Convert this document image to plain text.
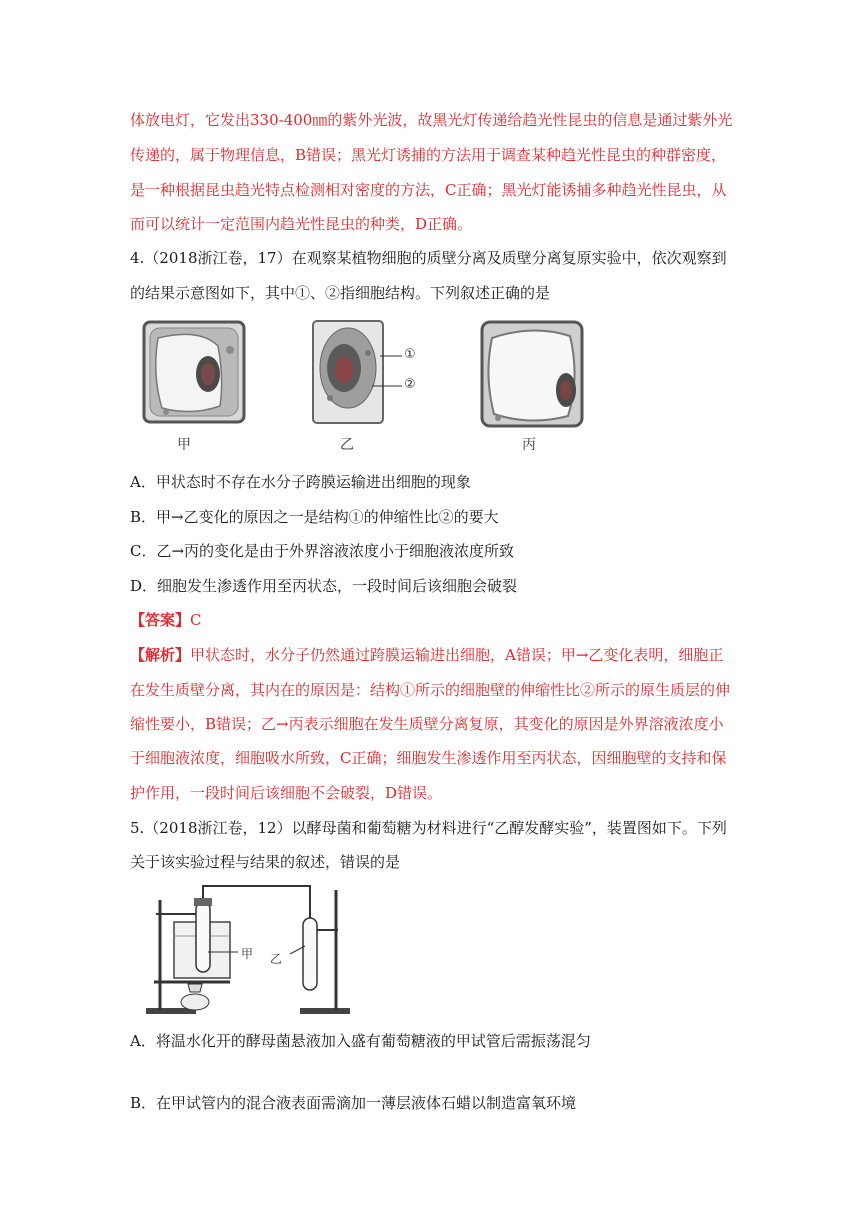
体放电灯，它发出330-400㎚的紫外光波，故黑光灯传递给趋光性昆虫的信息是通过紫外光
传递的，属于物理信息，B错误；黑光灯诱捕的方法用于调查某种趋光性昆虫的种群密度，
是一种根据昆虫趋光特点检测相对密度的方法，C正确；黑光灯能诱捕多种趋光性昆虫，从
而可以统计一定范围内趋光性昆虫的种类，D正确。
4.（2018浙江卷，17）在观察某植物细胞的质壁分离及质壁分离复原实验中，依次观察到
的结果示意图如下，其中①、②指细胞结构。下列叙述正确的是
甲
①
②
乙	丙
A．甲状态时不存在水分子跨膜运输进出细胞的现象
B．甲→乙变化的原因之一是结构①的伸缩性比②的要大
C．乙→丙的变化是由于外界溶液浓度小于细胞液浓度所致
D．细胞发生渗透作用至丙状态，一段时间后该细胞会破裂
【答案】C
【解析】甲状态时，水分子仍然通过跨膜运输进出细胞，A错误；甲→乙变化表明，细胞正
在发生质壁分离，其内在的原因是：结构①所示的细胞壁的伸缩性比②所示的原生质层的伸
缩性要小，B错误；乙→丙表示细胞在发生质壁分离复原，其变化的原因是外界溶液浓度小
于细胞液浓度，细胞吸水所致，C正确；细胞发生渗透作用至丙状态，因细胞壁的支持和保
护作用，一段时间后该细胞不会破裂，D错误。
5.（2018浙江卷，12）以酵母菌和葡萄糖为材料进行“乙醇发酵实验”，装置图如下。下列
关于该实验过程与结果的叙述，错误的是
甲 乙
A．将温水化开的酵母菌悬液加入盛有葡萄糖液的甲试管后需振荡混匀
B．在甲试管内的混合液表面需滴加一薄层液体石蜡以制造富氧环境
